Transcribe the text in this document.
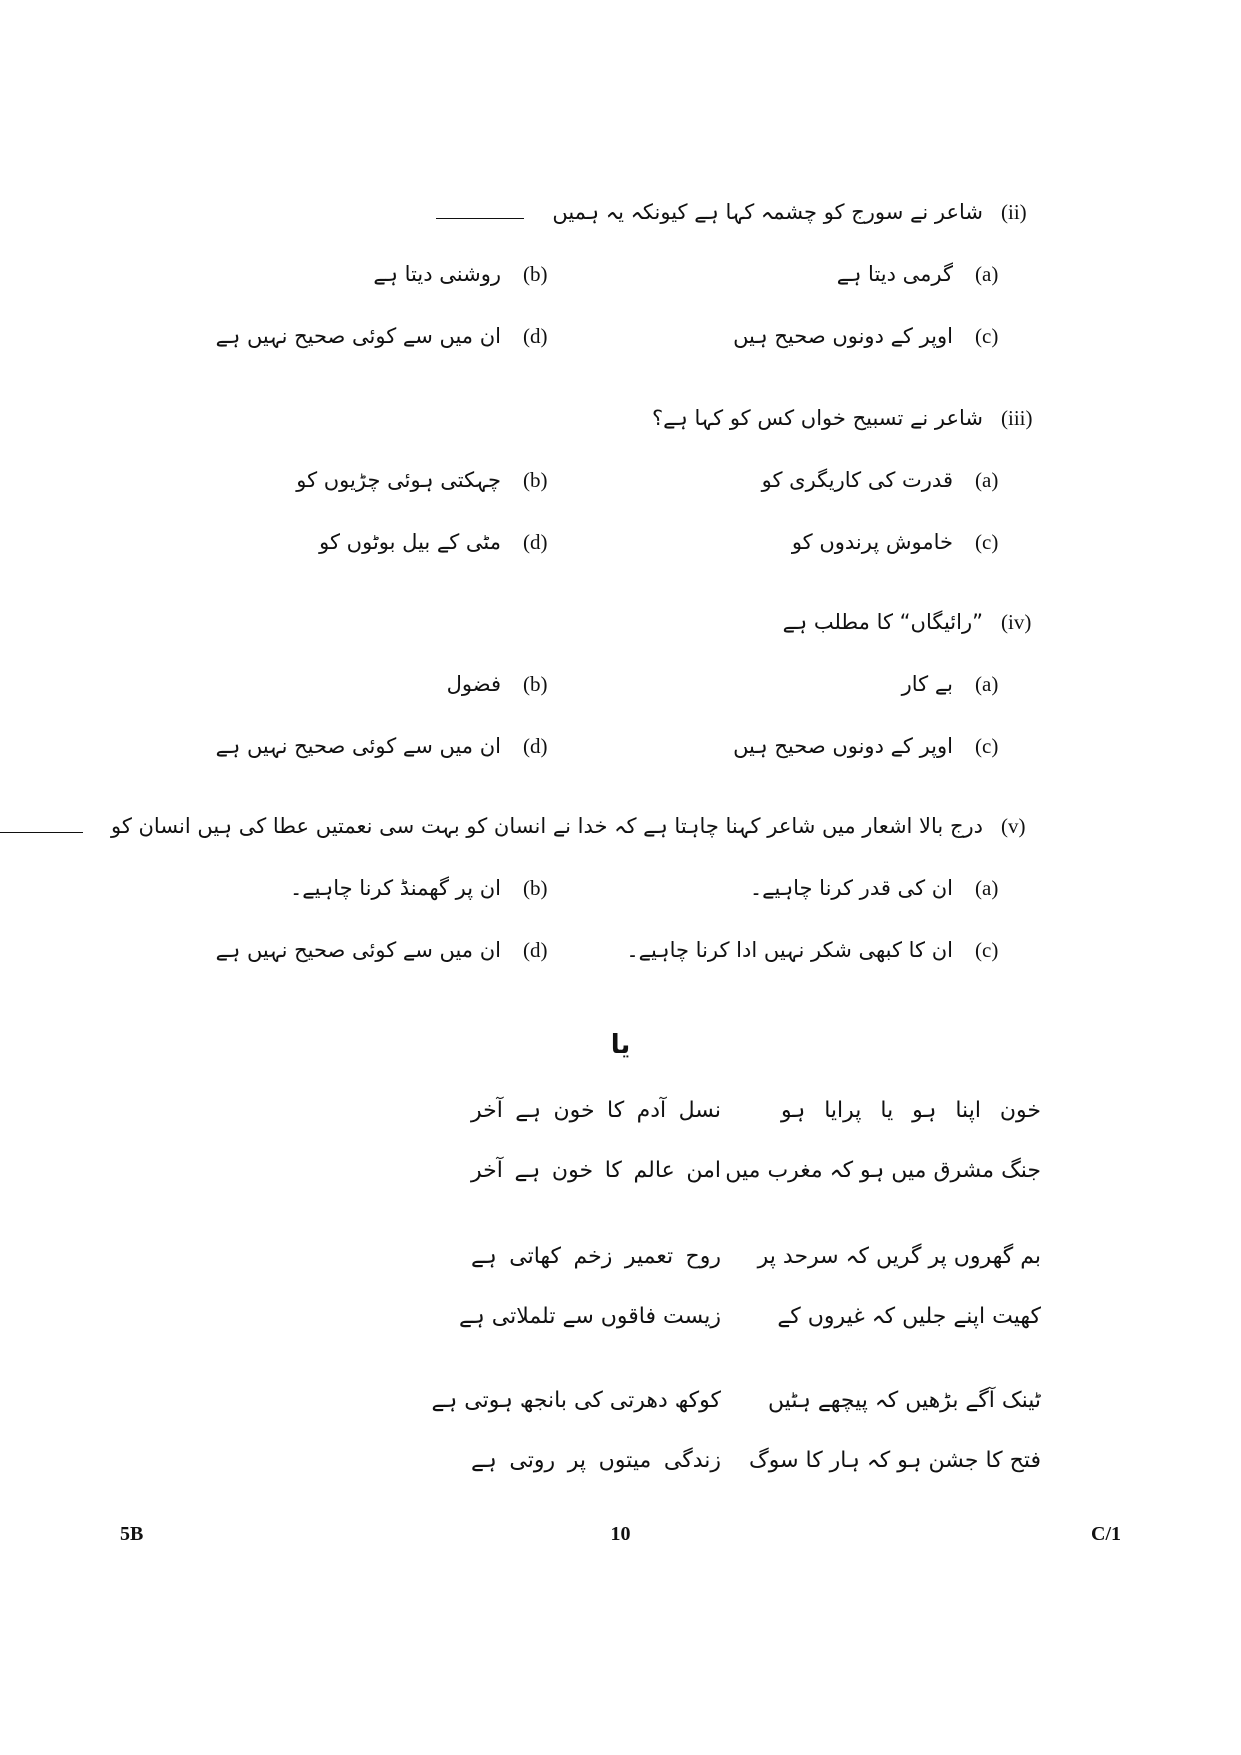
(ii)
شاعر نے سورج کو چشمہ کہا ہے کیونکہ یہ ہمیں
(a)
گرمی دیتا ہے
(b)
روشنی دیتا ہے
(c)
اوپر کے دونوں صحیح ہیں
(d)
ان میں سے کوئی صحیح نہیں ہے
(iii)
شاعر نے تسبیح خواں کس کو کہا ہے؟
(a)
قدرت کی کاریگری کو
(b)
چہکتی ہوئی چڑیوں کو
(c)
خاموش پرندوں کو
(d)
مٹی کے بیل بوٹوں کو
(iv)
”رائیگاں“ کا مطلب ہے
(a)
بے کار
(b)
فضول
(c)
اوپر کے دونوں صحیح ہیں
(d)
ان میں سے کوئی صحیح نہیں ہے
(v)
درج بالا اشعار میں شاعر کہنا چاہتا ہے کہ خدا نے انسان کو بہت سی نعمتیں عطا کی ہیں انسان کو
(a)
ان کی قدر کرنا چاہیے۔
(b)
ان پر گھمنڈ کرنا چاہیے۔
(c)
ان کا کبھی شکر نہیں ادا کرنا چاہیے۔
(d)
ان میں سے کوئی صحیح نہیں ہے
یا
خون اپنا ہو یا پرایا ہو
نسل آدم کا خون ہے آخر
جنگ مشرق میں ہو کہ مغرب میں
امن عالم کا خون ہے آخر
بم گھروں پر گریں کہ سرحد پر
روح تعمیر زخم کھاتی ہے
کھیت اپنے جلیں کہ غیروں کے
زیست فاقوں سے تلملاتی ہے
ٹینک آگے بڑھیں کہ پیچھے ہٹیں
کوکھ دھرتی کی بانجھ ہوتی ہے
فتح کا جشن ہو کہ ہار کا سوگ
زندگی میتوں پر روتی ہے
5B	10	C/1
